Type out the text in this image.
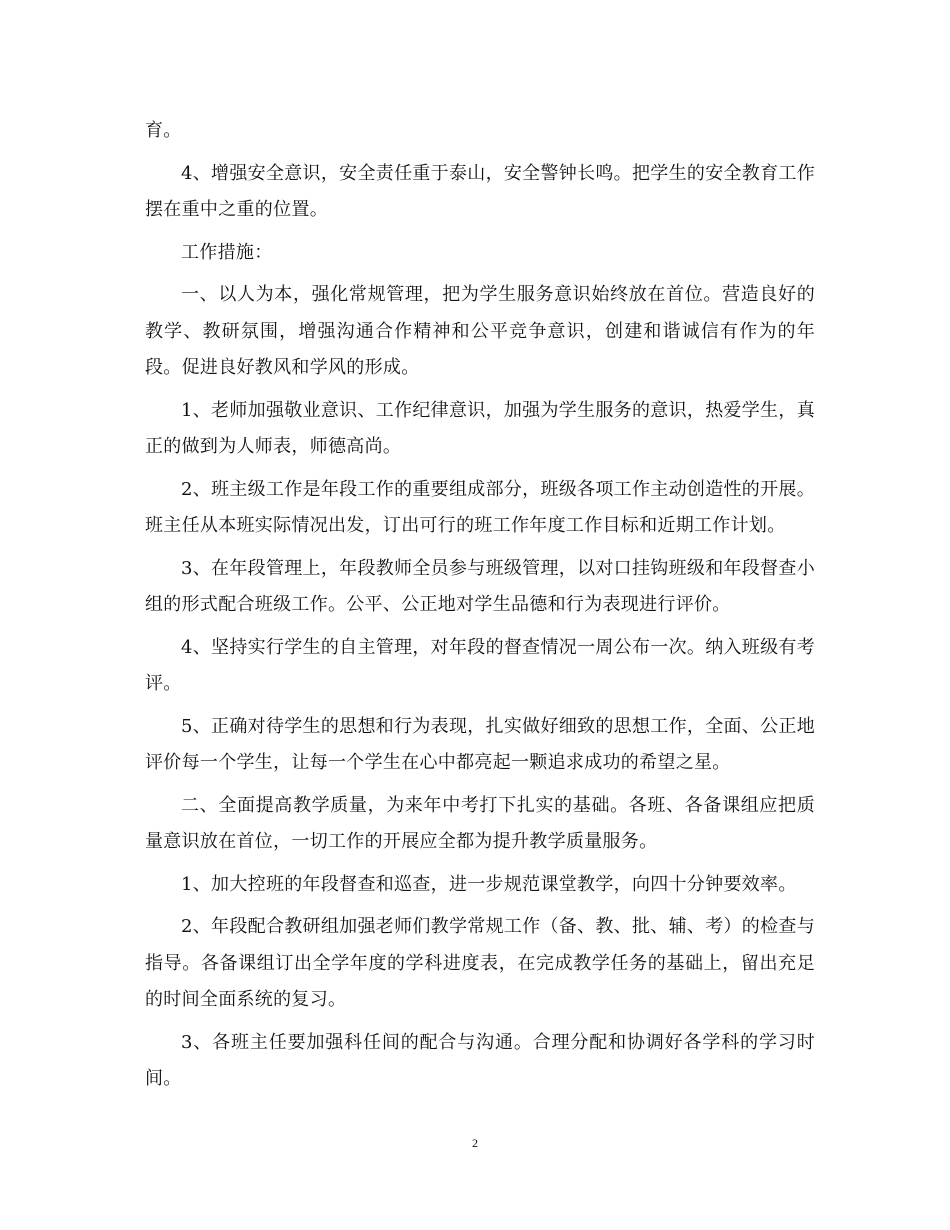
育。

4、增强安全意识，安全责任重于泰山，安全警钟长鸣。把学生的安全教育工作摆在重中之重的位置。

工作措施：

一、以人为本，强化常规管理，把为学生服务意识始终放在首位。营造良好的教学、教研氛围，增强沟通合作精神和公平竞争意识，创建和谐诚信有作为的年段。促进良好教风和学风的形成。

1、老师加强敬业意识、工作纪律意识，加强为学生服务的意识，热爱学生，真正的做到为人师表，师德高尚。

2、班主级工作是年段工作的重要组成部分，班级各项工作主动创造性的开展。班主任从本班实际情况出发，订出可行的班工作年度工作目标和近期工作计划。

3、在年段管理上，年段教师全员参与班级管理，以对口挂钩班级和年段督查小组的形式配合班级工作。公平、公正地对学生品德和行为表现进行评价。

4、坚持实行学生的自主管理，对年段的督查情况一周公布一次。纳入班级有考评。

5、正确对待学生的思想和行为表现，扎实做好细致的思想工作，全面、公正地评价每一个学生，让每一个学生在心中都亮起一颗追求成功的希望之星。

二、全面提高教学质量，为来年中考打下扎实的基础。各班、各备课组应把质量意识放在首位，一切工作的开展应全都为提升教学质量服务。

1、加大控班的年段督查和巡查，进一步规范课堂教学，向四十分钟要效率。

2、年段配合教研组加强老师们教学常规工作（备、教、批、辅、考）的检查与指导。各备课组订出全学年度的学科进度表，在完成教学任务的基础上，留出充足的时间全面系统的复习。

3、各班主任要加强科任间的配合与沟通。合理分配和协调好各学科的学习时间。

2
